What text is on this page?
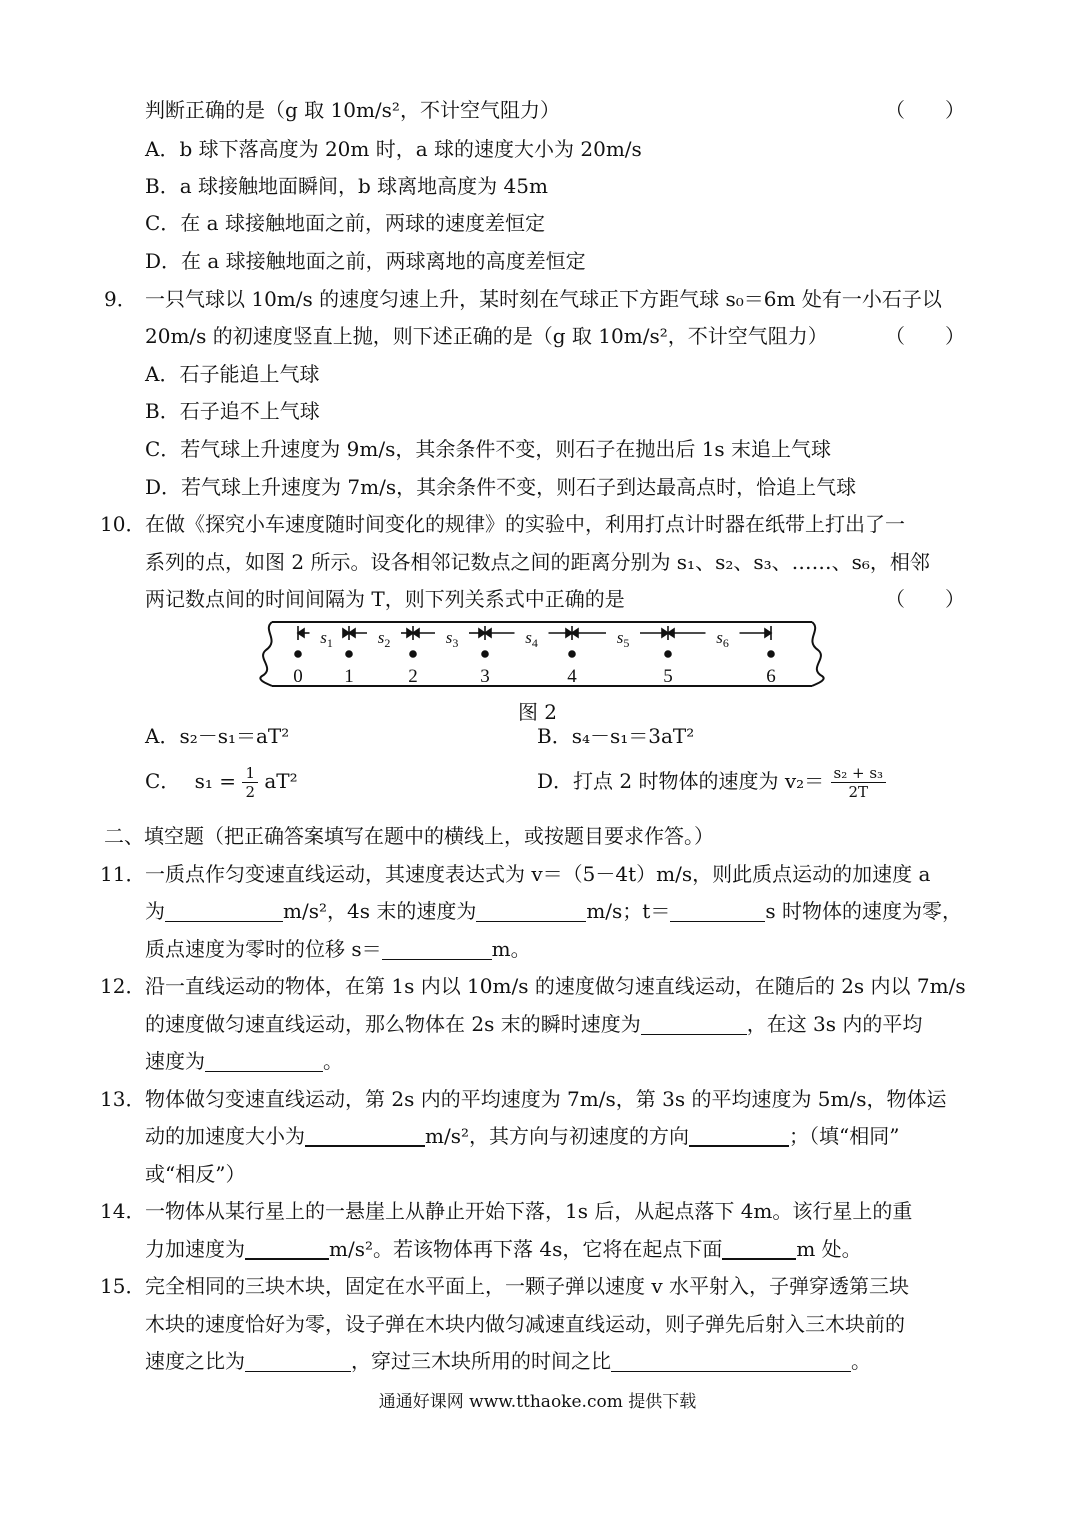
判断正确的是（g 取 10m/s²，不计空气阻力）	（　　）
A．b 球下落高度为 20m 时，a 球的速度大小为 20m/s
B．a 球接触地面瞬间，b 球离地高度为 45m
C．在 a 球接触地面之前，两球的速度差恒定
D．在 a 球接触地面之前，两球离地的高度差恒定
9． 一只气球以 10m/s 的速度匀速上升，某时刻在气球正下方距气球 s₀＝6m 处有一小石子以
20m/s 的初速度竖直上抛，则下述正确的是（g 取 10m/s²，不计空气阻力）	（　　）
A．石子能追上气球
B．石子追不上气球
C．若气球上升速度为 9m/s，其余条件不变，则石子在抛出后 1s 末追上气球
D．若气球上升速度为 7m/s，其余条件不变，则石子到达最高点时，恰追上气球
10． 在做《探究小车速度随时间变化的规律》的实验中，利用打点计时器在纸带上打出了一
系列的点，如图 2 所示。设各相邻记数点之间的距离分别为 s₁、s₂、s₃、……、s₆，相邻
两记数点间的时间间隔为 T，则下列关系式中正确的是	（　　）
0 1	2	3	4	5	6
$s_1$	$s_2$	$s_3$	$s_4$	$s_5$	$s_6$
图 2
A．s₂－s₁＝aT²	B．s₄－s₁＝3aT²
C． $s_1 = \frac{1}{2} aT^2$	D．打点 2 时物体的速度为 $v_2= \frac{\text{s₂ + s₃}}{2T}$
二、填空题（把正确答案填写在题中的横线上，或按题目要求作答。）
11． 一质点作匀变速直线运动，其速度表达式为 v＝（5－4t）m/s，则此质点运动的加速度 a
为	m/s²，4s 末的速度为	m/s；t＝	s 时物体的速度为零，
质点速度为零时的位移 s＝	m。
12． 沿一直线运动的物体，在第 1s 内以 10m/s 的速度做匀速直线运动，在随后的 2s 内以 7m/s
的速度做匀速直线运动，那么物体在 2s 末的瞬时速度为	，在这 3s 内的平均
速度为	。
13． 物体做匀变速直线运动，第 2s 内的平均速度为 7m/s，第 3s 的平均速度为 5m/s，物体运
动的加速度大小为	m/s²，其方向与初速度的方向	；（填“相同”
或“相反”）
14． 一物体从某行星上的一悬崖上从静止开始下落，1s 后，从起点落下 4m。该行星上的重
力加速度为	m/s²。若该物体再下落 4s，它将在起点下面	m 处。
15． 完全相同的三块木块，固定在水平面上，一颗子弹以速度 v 水平射入，子弹穿透第三块
木块的速度恰好为零，设子弹在木块内做匀减速直线运动，则子弹先后射入三木块前的
速度之比为	，穿过三木块所用的时间之比	。
通通好课网 www.tthaoke.com 提供下载
